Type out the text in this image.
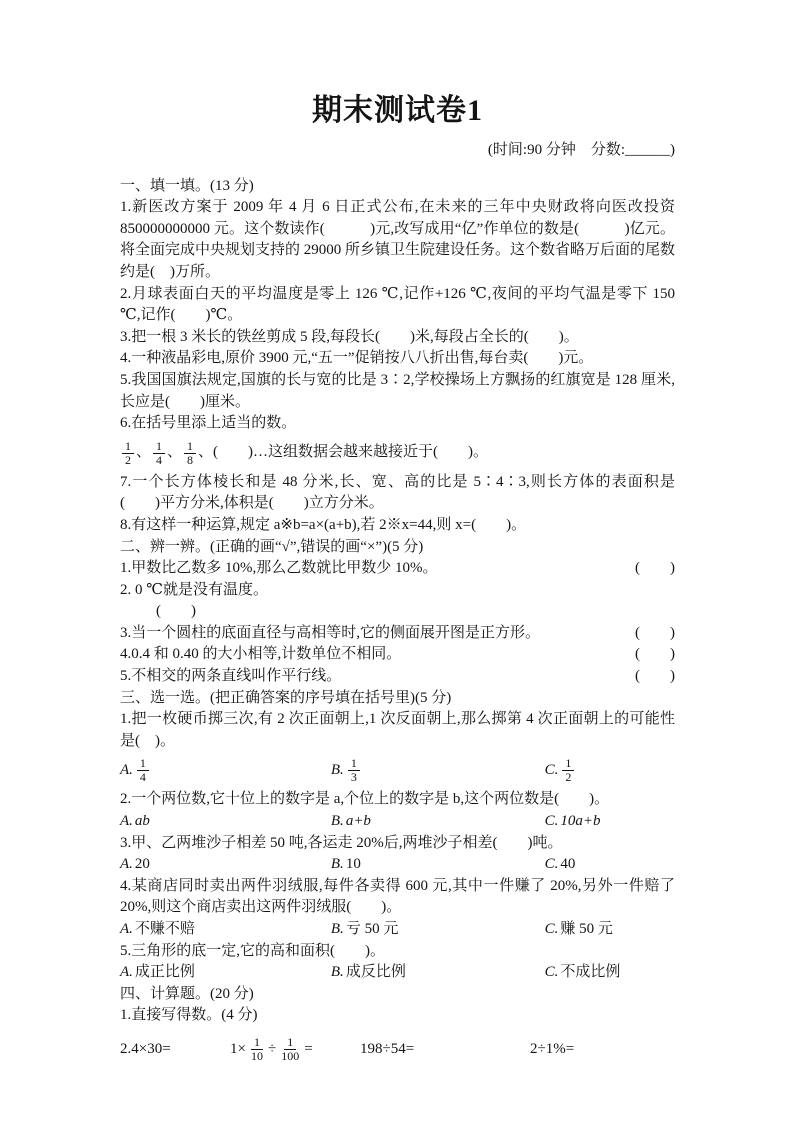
期末测试卷1
(时间:90 分钟　分数:______)
一、填一填。(13 分)
1.新医改方案于 2009 年 4 月 6 日正式公布,在未来的三年中央财政将向医改投资 850000000000 元。这个数读作(　　　)元,改写成用“亿”作单位的数是(　　　)亿元。将全面完成中央规划支持的 29000 所乡镇卫生院建设任务。这个数省略万后面的尾数约是(　)万所。
2.月球表面白天的平均温度是零上 126 ℃,记作+126 ℃,夜间的平均气温是零下 150 ℃,记作(　　)℃。
3.把一根 3 米长的铁丝剪成 5 段,每段长(　　)米,每段占全长的(　　)。
4.一种液晶彩电,原价 3900 元,“五一”促销按八八折出售,每台卖(　　)元。
5.我国国旗法规定,国旗的长与宽的比是 3∶2,学校操场上方飘扬的红旗宽是 128 厘米,长应是(　　)厘米。
6.在括号里添上适当的数。
$\frac{1}{2}$ 、 $\frac{1}{4}$ 、 $\frac{1}{8}$ 、 (　　)…这组数据会越来越接近于(　　)。
7.一个长方体棱长和是 48 分米,长、宽、高的比是 5∶4∶3,则长方体的表面积是(　　)平方分米,体积是(　　)立方分米。
8.有这样一种运算,规定 a※b=a×(a+b),若 2※x=44,则 x=(　　)。
二、辨一辨。(正确的画“√”,错误的画“×”)(5 分)
1.甲数比乙数多 10%,那么乙数就比甲数少 10%。	(　　)
2. 0 ℃就是没有温度。
(　　)
3.当一个圆柱的底面直径与高相等时,它的侧面展开图是正方形。	(　　)
4.0.4 和 0.40 的大小相等,计数单位不相同。	(　　)
5.不相交的两条直线叫作平行线。	(　　)
三、选一选。(把正确答案的序号填在括号里)(5 分)
1.把一枚硬币掷三次,有 2 次正面朝上,1 次反面朝上,那么掷第 4 次正面朝上的可能性是(　)。
A. $\frac{1}{4}$	B. $\frac{1}{3}$	C. $\frac{1}{2}$
2.一个两位数,它十位上的数字是 a,个位上的数字是 b,这个两位数是(　　)。
A. ab	B. a+b	C. 10a+b
3.甲、乙两堆沙子相差 50 吨,各运走 20%后,两堆沙子相差(　　)吨。
A. 20	B. 10	C. 40
4.某商店同时卖出两件羽绒服,每件各卖得 600 元,其中一件赚了 20%,另外一件赔了 20%,则这个商店卖出这两件羽绒服(　　)。
A. 不赚不赔	B. 亏 50 元	C. 赚 50 元
5.三角形的底一定,它的高和面积(　　)。
A. 成正比例	B. 成反比例	C. 不成比例
四、计算题。(20 分)
1.直接写得数。(4 分)
2.4×30=	$1\times \frac{1}{10} \div \frac{1}{100}$ =	198÷54=	2÷1%=
